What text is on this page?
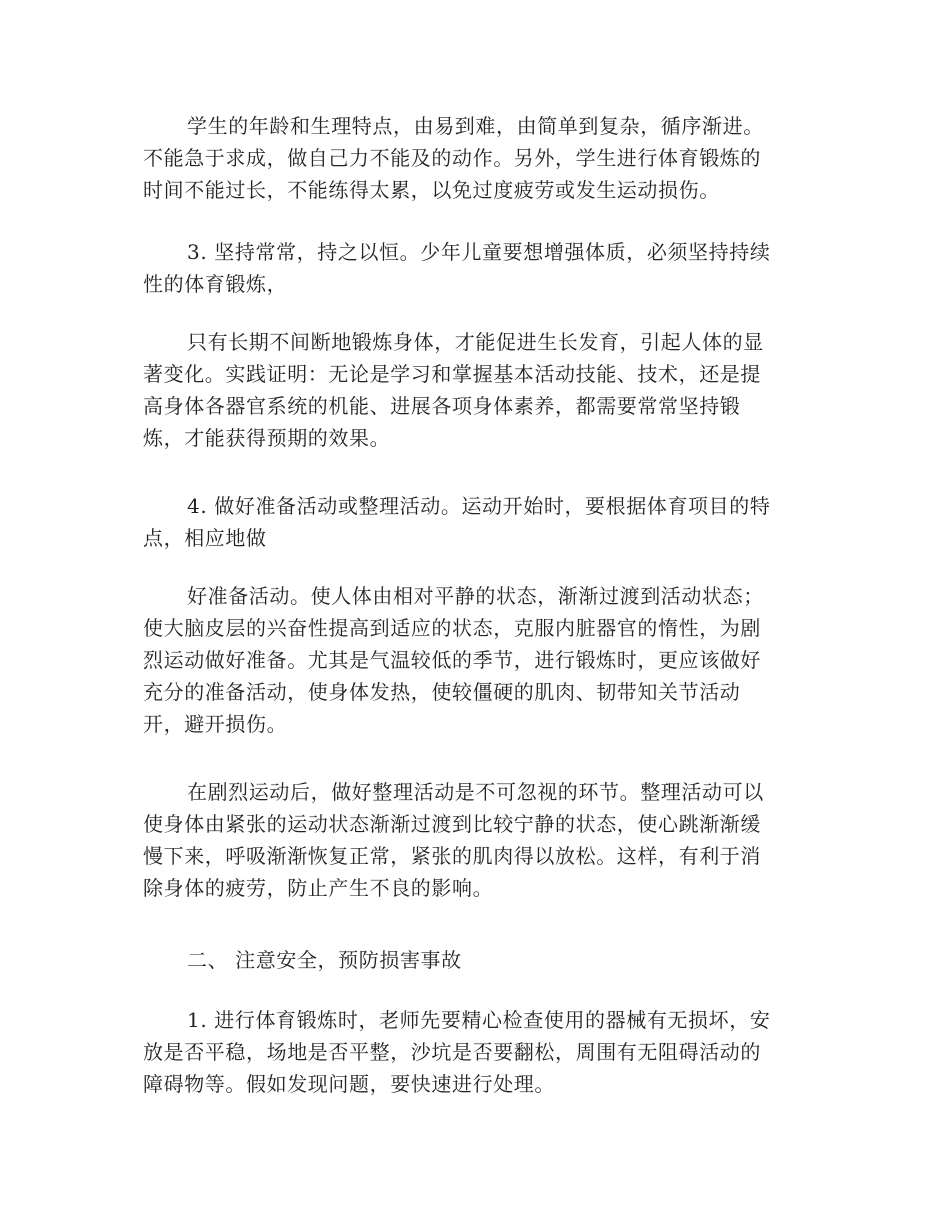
学生的年龄和生理特点，由易到难，由简单到复杂，循序渐进。
不能急于求成，做自己力不能及的动作。另外，学生进行体育锻炼的
时间不能过长，不能练得太累，以免过度疲劳或发生运动损伤。

3. 坚持常常，持之以恒。少年儿童要想增强体质，必须坚持持续
性的体育锻炼，

只有长期不间断地锻炼身体，才能促进生长发育，引起人体的显
著变化。实践证明：无论是学习和掌握基本活动技能、技术，还是提
高身体各器官系统的机能、进展各项身体素养，都需要常常坚持锻
炼，才能获得预期的效果。

4. 做好准备活动或整理活动。运动开始时，要根据体育项目的特
点，相应地做

好准备活动。使人体由相对平静的状态，渐渐过渡到活动状态；
使大脑皮层的兴奋性提高到适应的状态，克服内脏器官的惰性，为剧
烈运动做好准备。尤其是气温较低的季节，进行锻炼时，更应该做好
充分的准备活动，使身体发热，使较僵硬的肌肉、韧带知关节活动
开，避开损伤。

在剧烈运动后，做好整理活动是不可忽视的环节。整理活动可以
使身体由紧张的运动状态渐渐过渡到比较宁静的状态，使心跳渐渐缓
慢下来，呼吸渐渐恢复正常，紧张的肌肉得以放松。这样，有利于消
除身体的疲劳，防止产生不良的影响。

二、 注意安全，预防损害事故

1. 进行体育锻炼时，老师先要精心检查使用的器械有无损坏，安
放是否平稳，场地是否平整，沙坑是否要翻松，周围有无阻碍活动的
障碍物等。假如发现问题，要快速进行处理。
